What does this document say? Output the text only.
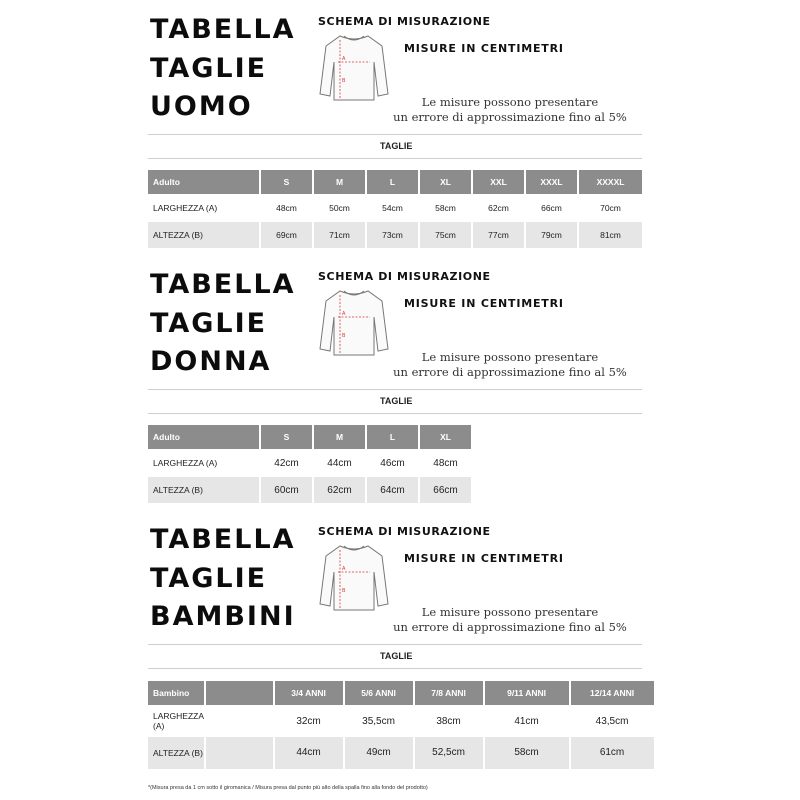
TABELLA
TAGLIE
UOMO
SCHEMA DI MISURAZIONE
A
B
MISURE IN CENTIMETRI
Le misure possono presentare
un errore di approssimazione fino al 5%
TAGLIE
Adulto	S	M	L	XL	XXL	XXXL	XXXXL
LARGHEZZA (A)	48cm	50cm	54cm	58cm	62cm	66cm	70cm
ALTEZZA (B)	69cm	71cm	73cm	75cm	77cm	79cm	81cm
TABELLA
TAGLIE
DONNA
SCHEMA DI MISURAZIONE
A
B
MISURE IN CENTIMETRI
Le misure possono presentare
un errore di approssimazione fino al 5%
TAGLIE
Adulto	S	M	L	XL
LARGHEZZA (A)	42cm	44cm	46cm	48cm
ALTEZZA (B)	60cm	62cm	64cm	66cm
TABELLA
TAGLIE
BAMBINI
SCHEMA DI MISURAZIONE
A
B
MISURE IN CENTIMETRI
Le misure possono presentare
un errore di approssimazione fino al 5%
TAGLIE
Bambino		3/4 ANNI	5/6 ANNI	7/8 ANNI	9/11 ANNI	12/14 ANNI
LARGHEZZA (A)		32cm	35,5cm	38cm	41cm	43,5cm
ALTEZZA (B)		44cm	49cm	52,5cm	58cm	61cm
*(Misura presa da 1 cm sotto il giromanica / Misura presa dal punto più alto della spalla fino alla fondo del prodotto)
